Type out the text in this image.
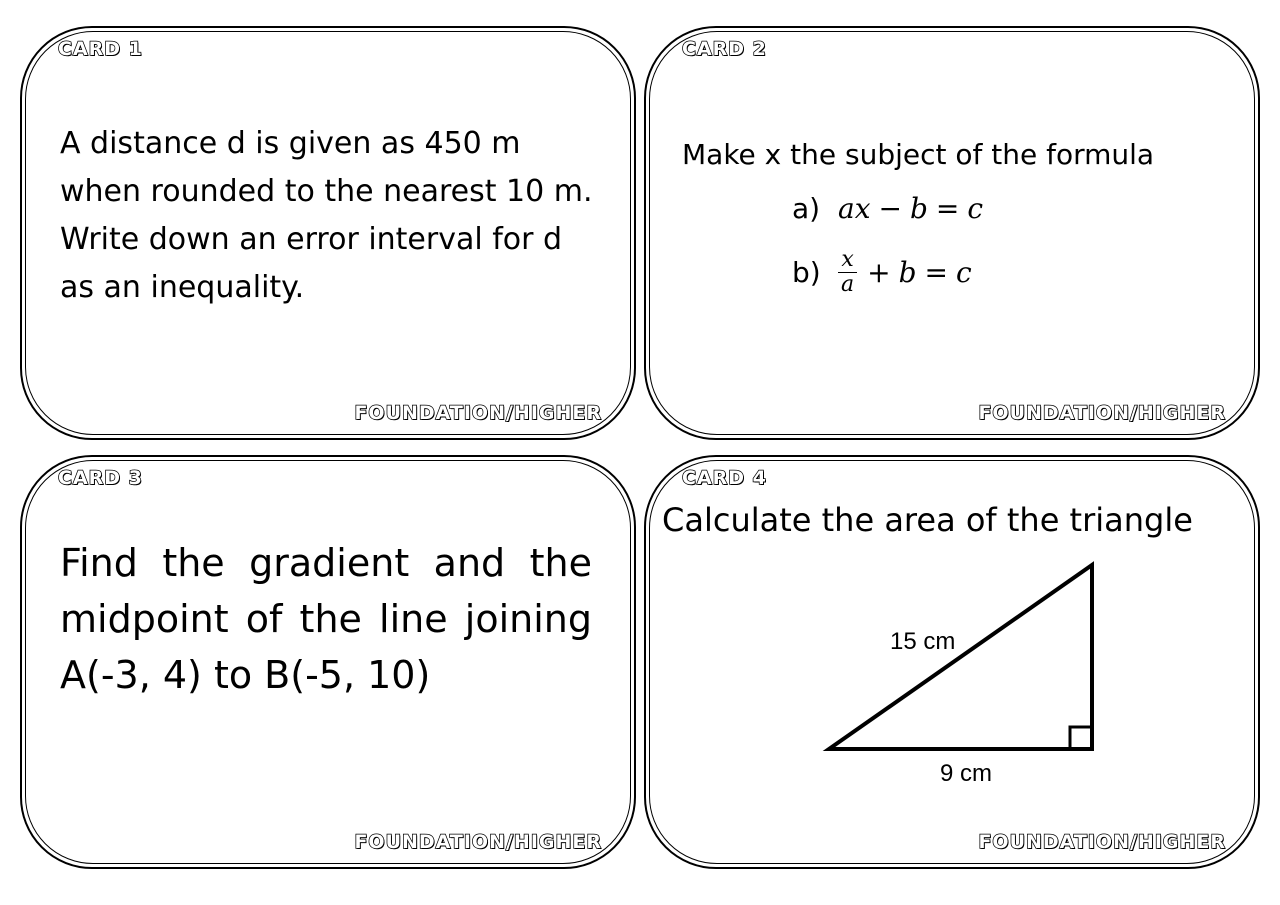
CARD 1

A distance d is given as 450 m when rounded to the nearest 10 m. Write down an error interval for d as an inequality.

FOUNDATION/HIGHER
CARD 2

Make x the subject of the formula

a) ax − b = c
$b) \frac{x}{a} + b = c$
FOUNDATION/HIGHER
CARD 3

Find the gradient and the midpoint of the line joining A(-3, 4) to B(-5, 10)

FOUNDATION/HIGHER
CARD 4

Calculate the area of the triangle

15 cm
9 cm
FOUNDATION/HIGHER
